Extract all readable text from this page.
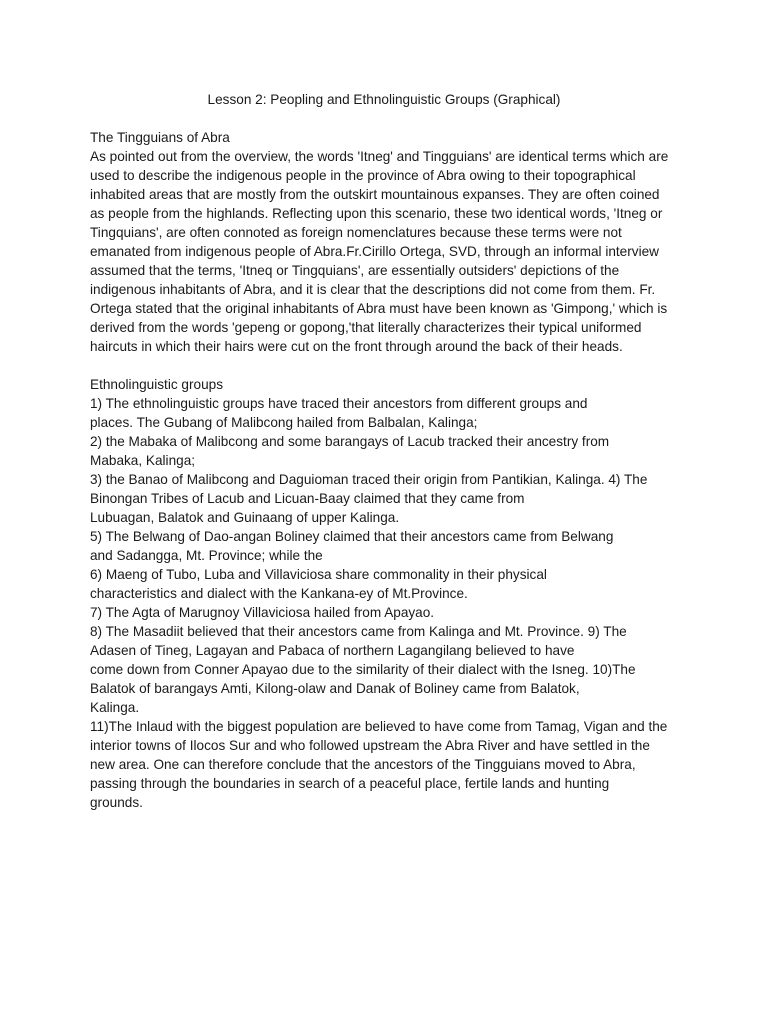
Lesson 2: Peopling and Ethnolinguistic Groups (Graphical)

The Tingguians of Abra

As pointed out from the overview, the words 'Itneg' and Tingguians' are identical terms which are
used to describe the indigenous people in the province of Abra owing to their topographical
inhabited areas that are mostly from the outskirt mountainous expanses. They are often coined
as people from the highlands. Reflecting upon this scenario, these two identical words, 'Itneg or
Tingquians', are often connoted as foreign nomenclatures because these terms were not
emanated from indigenous people of Abra.Fr.Cirillo Ortega, SVD, through an informal interview
assumed that the terms, 'Itneq or Tingquians', are essentially outsiders' depictions of the
indigenous inhabitants of Abra, and it is clear that the descriptions did not come from them. Fr.
Ortega stated that the original inhabitants of Abra must have been known as 'Gimpong,' which is
derived from the words 'gepeng or gopong,'that literally characterizes their typical uniformed
haircuts in which their hairs were cut on the front through around the back of their heads.

Ethnolinguistic groups

1) The ethnolinguistic groups have traced their ancestors from different groups and
places. The Gubang of Malibcong hailed from Balbalan, Kalinga;
2) the Mabaka of Malibcong and some barangays of Lacub tracked their ancestry from
Mabaka, Kalinga;
3) the Banao of Malibcong and Daguioman traced their origin from Pantikian, Kalinga. 4) The
Binongan Tribes of Lacub and Licuan-Baay claimed that they came from
Lubuagan, Balatok and Guinaang of upper Kalinga.
5) The Belwang of Dao-angan Boliney claimed that their ancestors came from Belwang
and Sadangga, Mt. Province; while the
6) Maeng of Tubo, Luba and Villaviciosa share commonality in their physical
characteristics and dialect with the Kankana-ey of Mt.Province.
7) The Agta of Marugnoy Villaviciosa hailed from Apayao.
8) The Masadiit believed that their ancestors came from Kalinga and Mt. Province. 9) The
Adasen of Tineg, Lagayan and Pabaca of northern Lagangilang believed to have
come down from Conner Apayao due to the similarity of their dialect with the Isneg. 10)The
Balatok of barangays Amti, Kilong-olaw and Danak of Boliney came from Balatok,
Kalinga.
11)The Inlaud with the biggest population are believed to have come from Tamag, Vigan and the
interior towns of Ilocos Sur and who followed upstream the Abra River and have settled in the
new area. One can therefore conclude that the ancestors of the Tingguians moved to Abra,
passing through the boundaries in search of a peaceful place, fertile lands and hunting
grounds.
